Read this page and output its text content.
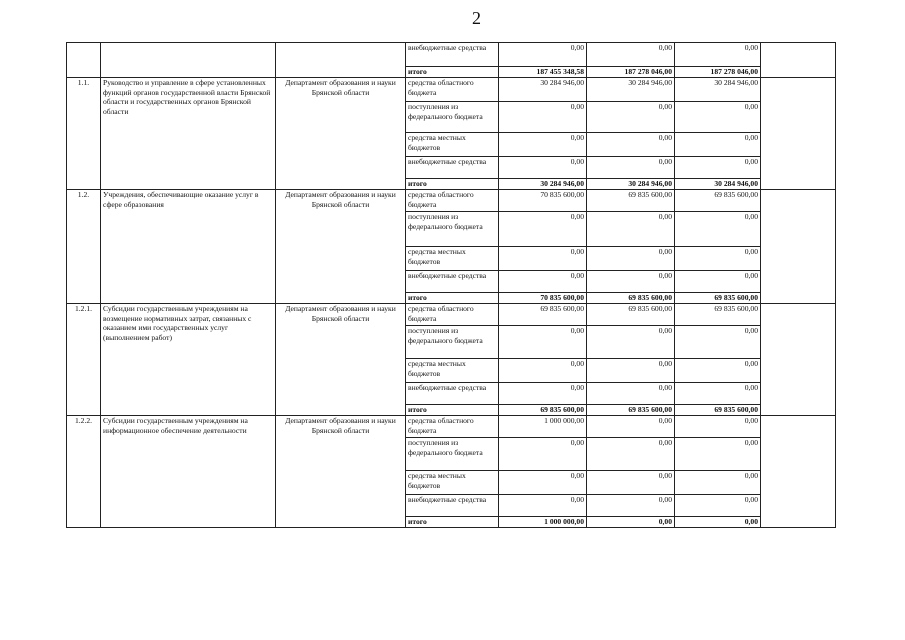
2
			внебюджетные средства	0,00	0,00	0,00	
			итого	187 455 348,58	187 278 046,00	187 278 046,00	
1.1.	Руководство и управление в сфере установленных функций органов государственной власти Брянской области и государственных органов Брянской области	Департамент образования и науки Брянской области	средства областного бюджета	30 284 946,00	30 284 946,00	30 284 946,00	
			поступления из федерального бюджета	0,00	0,00	0,00	
			средства местных бюджетов	0,00	0,00	0,00	
			внебюджетные средства	0,00	0,00	0,00	
			итого	30 284 946,00	30 284 946,00	30 284 946,00	
1.2.	Учреждения, обеспечивающие оказание услуг в сфере образования	Департамент образования и науки Брянской области	средства областного бюджета	70 835 600,00	69 835 600,00	69 835 600,00	
			поступления из федерального бюджета	0,00	0,00	0,00	
			средства местных бюджетов	0,00	0,00	0,00	
			внебюджетные средства	0,00	0,00	0,00	
			итого	70 835 600,00	69 835 600,00	69 835 600,00	
1.2.1.	Субсидии государственным учреждениям на возмещение нормативных затрат, связанных с оказанием ими государственных услуг (выполнением работ)	Департамент образования и науки Брянской области	средства областного бюджета	69 835 600,00	69 835 600,00	69 835 600,00	
			поступления из федерального бюджета	0,00	0,00	0,00	
			средства местных бюджетов	0,00	0,00	0,00	
			внебюджетные средства	0,00	0,00	0,00	
			итого	69 835 600,00	69 835 600,00	69 835 600,00	
1.2.2.	Субсидии государственным учреждениям на информационное обеспечение деятельности	Департамент образования и науки Брянской области	средства областного бюджета	1 000 000,00	0,00	0,00	
			поступления из федерального бюджета	0,00	0,00	0,00	
			средства местных бюджетов	0,00	0,00	0,00	
			внебюджетные средства	0,00	0,00	0,00	
			итого	1 000 000,00	0,00	0,00	
